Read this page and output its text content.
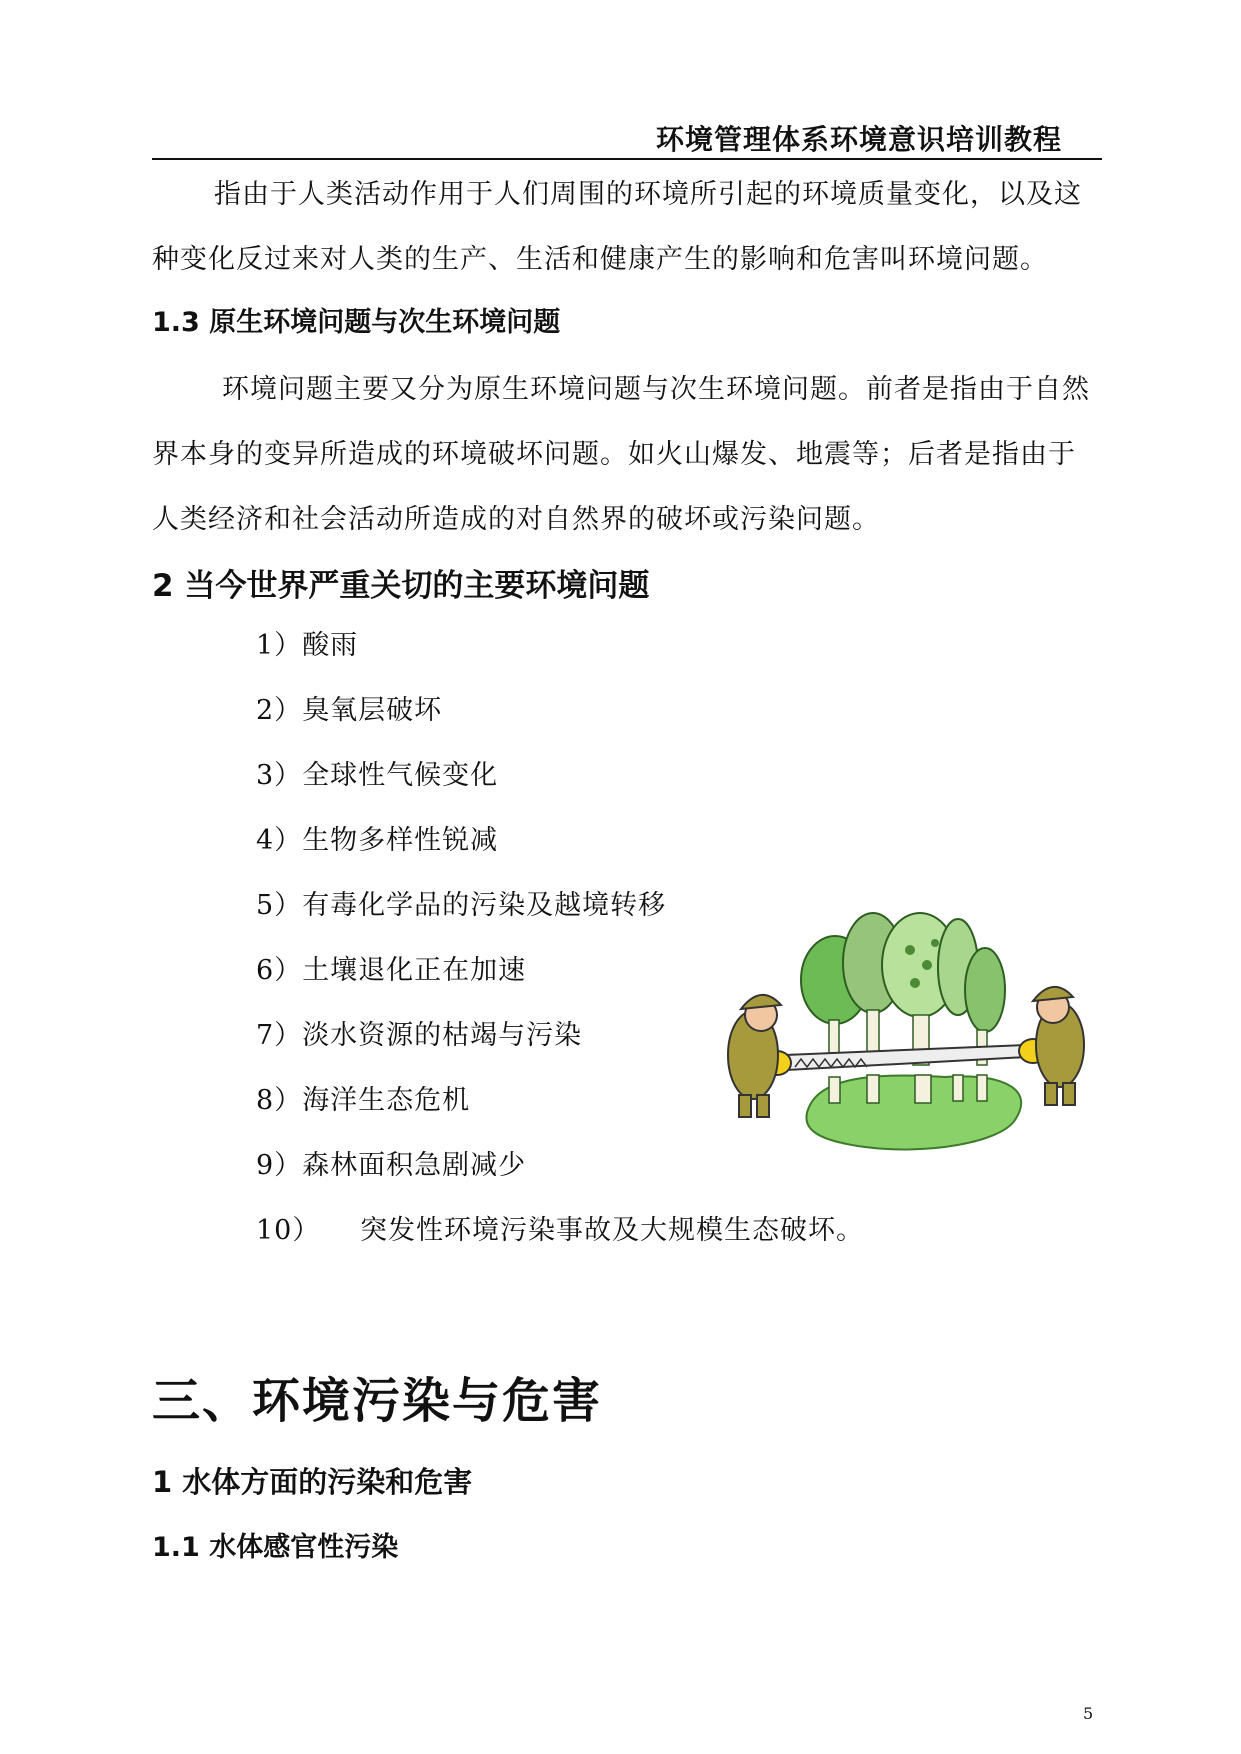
环境管理体系环境意识培训教程
指由于人类活动作用于人们周围的环境所引起的环境质量变化，以及这种变化反过来对人类的生产、生活和健康产生的影响和危害叫环境问题。
1.3 原生环境问题与次生环境问题
环境问题主要又分为原生环境问题与次生环境问题。前者是指由于自然界本身的变异所造成的环境破坏问题。如火山爆发、地震等；后者是指由于人类经济和社会活动所造成的对自然界的破坏或污染问题。
2 当今世界严重关切的主要环境问题
1）酸雨
2）臭氧层破坏
3）全球性气候变化
4）生物多样性锐减
5）有毒化学品的污染及越境转移
6）土壤退化正在加速
7）淡水资源的枯竭与污染
8）海洋生态危机
9）森林面积急剧减少
10） 突发性环境污染事故及大规模生态破坏。
三、环境污染与危害
1 水体方面的污染和危害
1.1 水体感官性污染
5
